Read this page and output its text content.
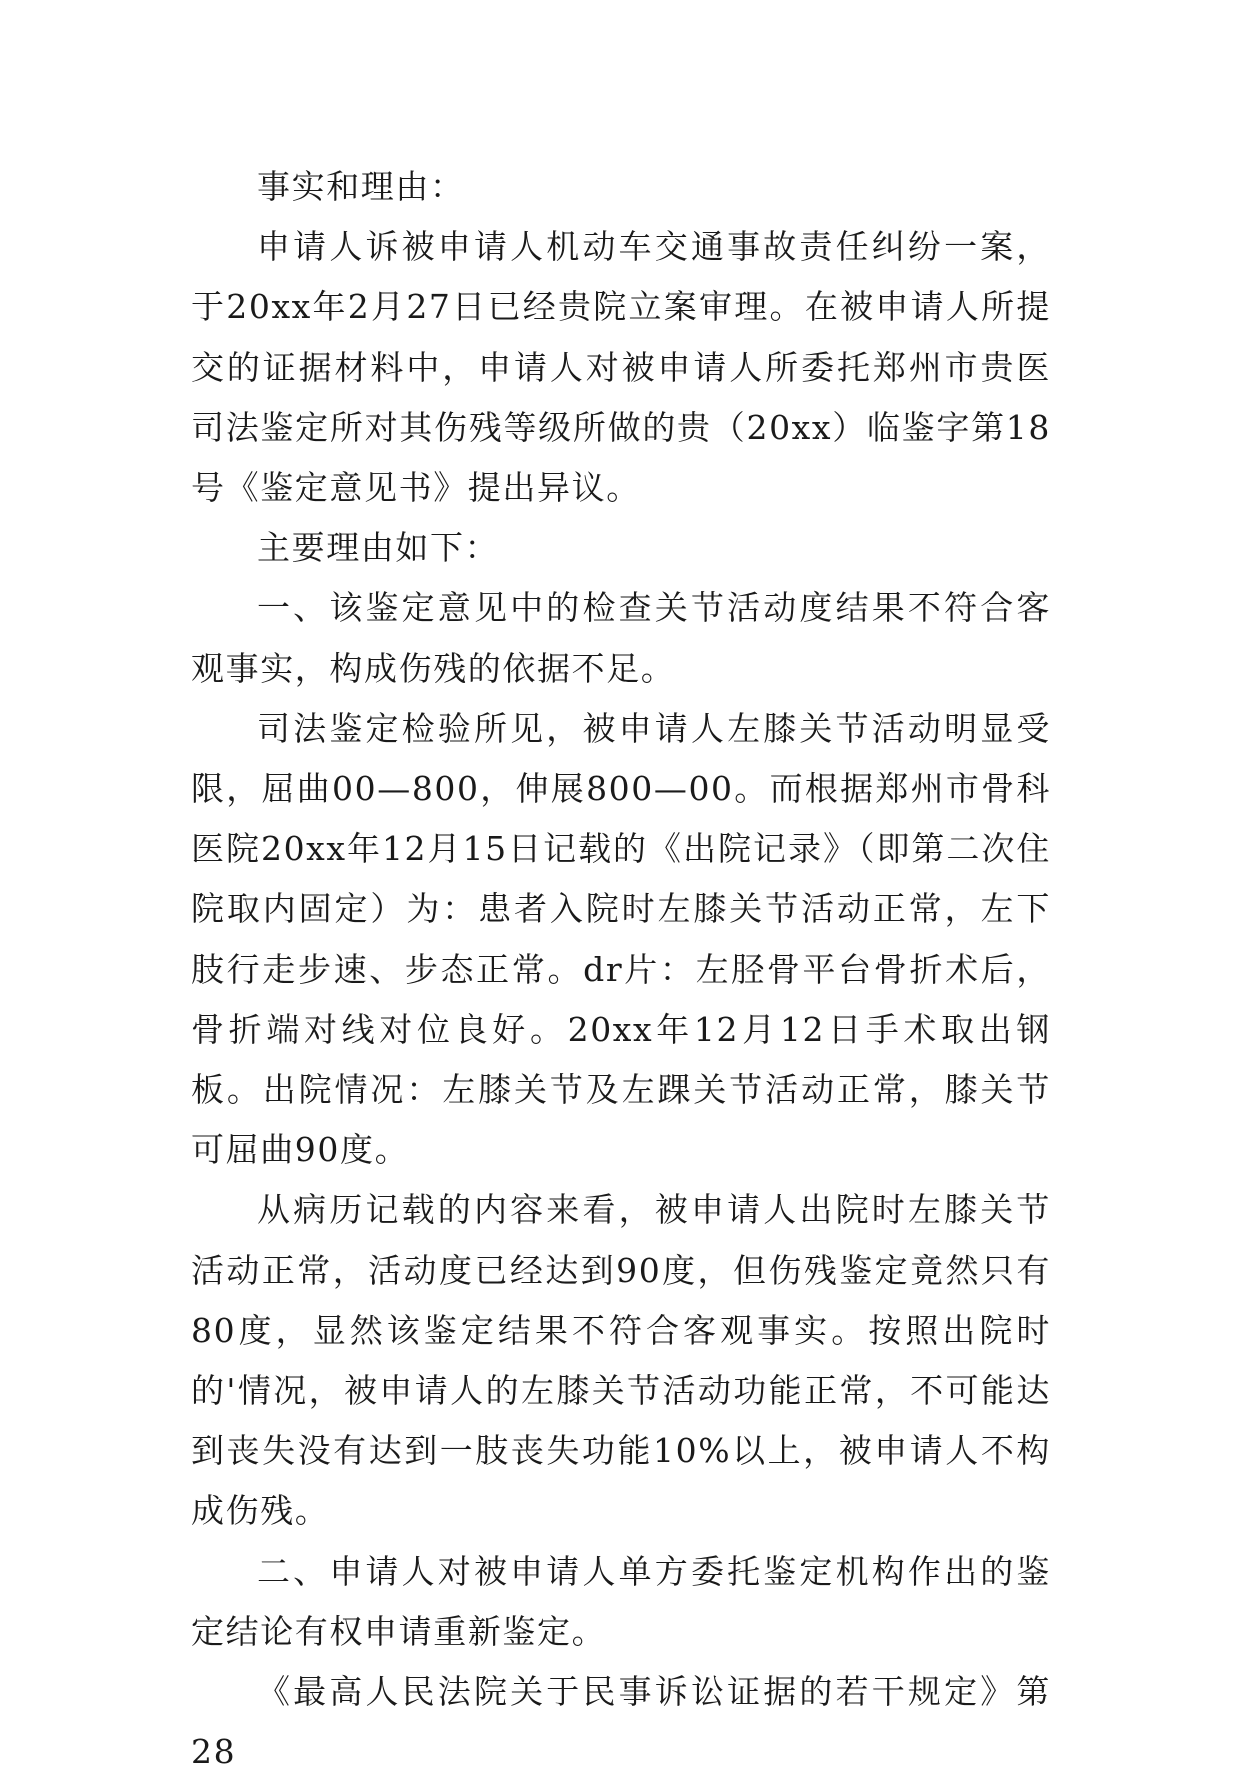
事实和理由：

申请人诉被申请人机动车交通事故责任纠纷一案，于20xx年2月27日已经贵院立案审理。在被申请人所提交的证据材料中，申请人对被申请人所委托郑州市贵医司法鉴定所对其伤残等级所做的贵（20xx）临鉴字第18号《鉴定意见书》提出异议。

主要理由如下：

一、该鉴定意见中的检查关节活动度结果不符合客观事实，构成伤残的依据不足。

司法鉴定检验所见，被申请人左膝关节活动明显受限，屈曲00—800，伸展800—00。而根据郑州市骨科医院20xx年12月15日记载的《出院记录》（即第二次住院取内固定）为：患者入院时左膝关节活动正常，左下肢行走步速、步态正常。dr片：左胫骨平台骨折术后，骨折端对线对位良好。20xx年12月12日手术取出钢板。出院情况：左膝关节及左踝关节活动正常，膝关节可屈曲90度。

从病历记载的内容来看，被申请人出院时左膝关节活动正常，活动度已经达到90度，但伤残鉴定竟然只有80度，显然该鉴定结果不符合客观事实。按照出院时的'情况，被申请人的左膝关节活动功能正常，不可能达到丧失没有达到一肢丧失功能10%以上，被申请人不构成伤残。

二、申请人对被申请人单方委托鉴定机构作出的鉴定结论有权申请重新鉴定。

《最高人民法院关于民事诉讼证据的若干规定》第28
